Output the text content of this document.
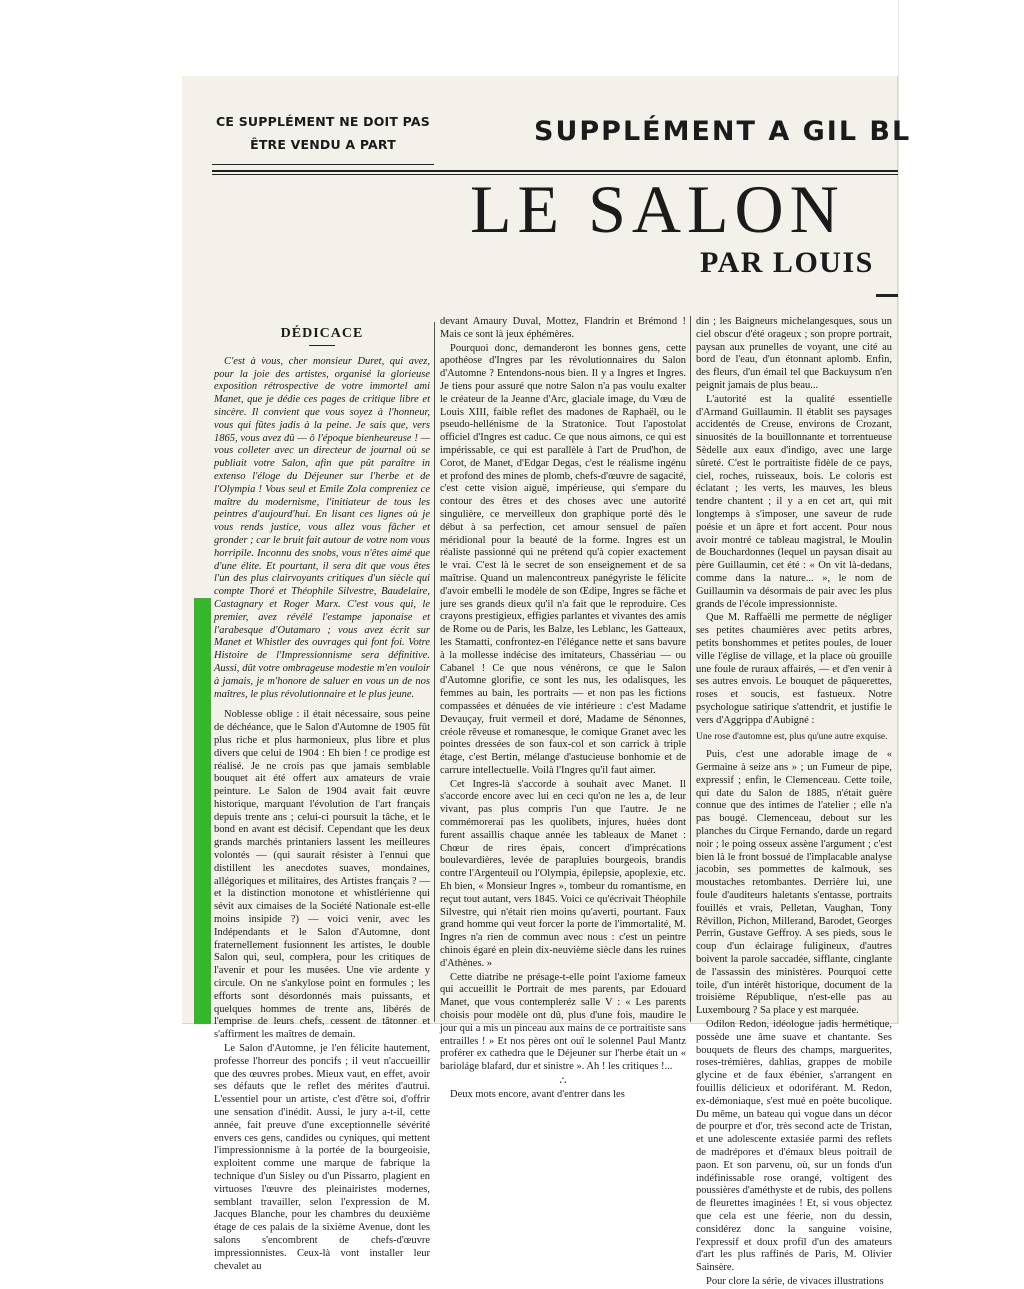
CE SUPPLÉMENT NE DOIT PAS ÊTRE VENDU A PART	SUPPLÉMENT A GIL BL
LE SALON
PAR LOUIS
DÉDICACE

C'est à vous, cher monsieur Duret, qui avez, pour la joie des artistes, organisé la glorieuse exposition rétrospective de votre immortel ami Manet, que je dédie ces pages de critique libre et sincère. Il convient que vous soyez à l'honneur, vous qui fûtes jadis à la peine. Je sais que, vers 1865, vous avez dû — ô l'époque bienheureuse ! — vous colleter avec un directeur de journal où se publiait votre Salon, afin que pût paraître in extenso l'éloge du Déjeuner sur l'herbe et de l'Olympia ! Vous seul et Emile Zola compreniez ce maître du modernisme, l'initiateur de tous les peintres d'aujourd'hui. En lisant ces lignes où je vous rends justice, vous allez vous fâcher et gronder ; car le bruit fait autour de votre nom vous horripile. Inconnu des snobs, vous n'êtes aimé que d'une élite. Et pourtant, il sera dit que vous êtes l'un des plus clairvoyants critiques d'un siècle qui compte Thoré et Théophile Silvestre, Baudelaire, Castagnary et Roger Marx. C'est vous qui, le premier, avez révélé l'estampe japonaise et l'arabesque d'Outamaro ; vous avez écrit sur Manet et Whistler des ouvrages qui font foi. Votre Histoire de l'Impressionnisme sera définitive. Aussi, dût votre ombrageuse modestie m'en vouloir à jamais, je m'honore de saluer en vous un de nos maîtres, le plus révolutionnaire et le plus jeune.

Noblesse oblige : il était nécessaire, sous peine de déchéance, que le Salon d'Automne de 1905 fût plus riche et plus harmonieux, plus libre et plus divers que celui de 1904 : Eh bien ! ce prodige est réalisé. Je ne crois pas que jamais semblable bouquet ait été offert aux amateurs de vraie peinture. Le Salon de 1904 avait fait œuvre historique, marquant l'évolution de l'art français depuis trente ans ; celui-ci poursuit la tâche, et le bond en avant est décisif. Cependant que les deux grands marchés printaniers lassent les meilleures volontés — (qui saurait résister à l'ennui que distillent les anecdotes suaves, mondaines, allégoriques et militaires, des Artistes français ? — et la distinction monotone et whistlérienne qui sévit aux cimaises de la Société Nationale est-elle moins insipide ?) — voici venir, avec les Indépendants et le Salon d'Automne, dont fraternellement fusionnent les artistes, le double Salon qui, seul, compłera, pour les critiques de l'avenir et pour les musées. Une vie ardente y circule. On ne s'ankylose point en formules ; les efforts sont désordonnés mais puissants, et quelques hommes de trente ans, libérés de l'emprise de leurs chefs, cessent de tâtonner et s'affirment les maîtres de demain.

Le Salon d'Automne, je l'en félicite hautement, professe l'horreur des poncifs ; il veut n'accueillir que des œuvres probes. Mieux vaut, en effet, avoir ses défauts que le reflet des mérites d'autrui. L'essentiel pour un artiste, c'est d'être soi, d'offrir une sensation d'inédit. Aussi, le jury a-t-il, cette année, fait preuve d'une exceptionnelle sévérité envers ces gens, candides ou cyniques, qui mettent l'impressionnisme à la portée de la bourgeoisie, exploitent comme une marque de fabrique la technique d'un Sisley ou d'un Pissarro, plagient en virtuoses l'œuvre des pleinairistes modernes, semblant travailler, selon l'expression de M. Jacques Blanche, pour les chambres du deuxième étage de ces palais de la sixième Avenue, dont les salons s'encombrent de chefs-d'œuvre impressionnistes. Ceux-là vont installer leur chevalet au

devant Amaury Duval, Mottez, Flandrin et Brémond ! Mais ce sont là jeux éphémères.

Pourquoi donc, demanderont les bonnes gens, cette apothéose d'Ingres par les révolutionnaires du Salon d'Automne ? Entendons-nous bien. Il y a Ingres et Ingres. Je tiens pour assuré que notre Salon n'a pas voulu exalter le créateur de la Jeanne d'Arc, glaciale image, du Vœu de Louis XIII, faible reflet des madones de Raphaël, ou le pseudo-hellénisme de la Stratonice. Tout l'apostolat officiel d'Ingres est caduc. Ce que nous aimons, ce qui est impérissable, ce qui est parallèle à l'art de Prud'hon, de Corot, de Manet, d'Edgar Degas, c'est le réalisme ingénu et profond des mines de plomb, chefs-d'œuvre de sagacité, c'est cette vision aiguë, impérieuse, qui s'empare du contour des êtres et des choses avec une autorité singulière, ce merveilleux don graphique porté dès le début à sa perfection, cet amour sensuel de païen méridional pour la beauté de la forme. Ingres est un réaliste passionné qui ne prétend qu'à copier exactement le vrai. C'est là le secret de son enseignement et de sa maîtrise. Quand un malencontreux panégyriste le félicite d'avoir embelli le modèle de son Œdipe, Ingres se fâche et jure ses grands dieux qu'il n'a fait que le reproduire. Ces crayons prestigieux, effigies parlantes et vivantes des amis de Rome ou de Paris, les Balze, les Leblanc, les Gatteaux, les Stamatti, confrontez-en l'élégance nette et sans bavure à la mollesse indécise des imitateurs, Chassériau — ou Cabanel ! Ce que nous vénérons, ce que le Salon d'Automne glorifie, ce sont les nus, les odalisques, les femmes au bain, les portraits — et non pas les fictions compassées et dénuées de vie intérieure : c'est Madame Devauçay, fruit vermeil et doré, Madame de Sénonnes, créole rêveuse et romanesque, le comique Granet avec les pointes dressées de son faux-col et son carrick à triple étage, c'est Bertin, mélange d'astucieuse bonhomie et de carrure intellectuelle. Voilà l'Ingres qu'il faut aimer.

Cet Ingres-là s'accorde à souhait avec Manet. Il s'accorde encore avec lui en ceci qu'on ne les a, de leur vivant, pas plus compris l'un que l'autre. Je ne commémorerai pas les quolibets, injures, huées dont furent assaillis chaque année les tableaux de Manet : Chœur de rires épais, concert d'imprécations boulevardières, levée de parapluies bourgeois, brandis contre l'Argenteuil ou l'Olympia, épilepsie, apoplexie, etc. Eh bien, « Monsieur Ingres », tombeur du romantisme, en reçut tout autant, vers 1845. Voici ce qu'écrivait Théophile Silvestre, qui n'était rien moins qu'averti, pourtant. Faux grand homme qui veut forcer la porte de l'immortalité, M. Ingres n'a rien de commun avec nous : c'est un peintre chinois égaré en plein dix-neuvième siècle dans les ruines d'Athènes. »

Cette diatribe ne présage-t-elle point l'axiome fameux qui accueillit le Portrait de mes parents, par Edouard Manet, que vous contempleréz salle V : « Les parents choisis pour modèle ont dû, plus d'une fois, maudire le jour qui a mis un pinceau aux mains de ce portraitiste sans entrailles ! » Et nos pères ont ouï le solennel Paul Mantz proférer ex cathedra que le Déjeuner sur l'herbe était un « barioláge blafard, dur et sinistre ». Ah ! les critiques !...

∴

Deux mots encore, avant d'entrer dans les

din ; les Baigneurs michelangesques, sous un ciel obscur d'été orageux ; son propre portrait, paysan aux prunelles de voyant, une cité au bord de l'eau, d'un étonnant aplomb. Enfin, des fleurs, d'un émail tel que Backuysum n'en peignit jamais de plus beau...

L'autorité est la qualité essentielle d'Armand Guillaumin. Il établit ses paysages accidentés de Creuse, environs de Crozant, sinuosités de la bouillonnante et torrentueuse Sèdelle aux eaux d'indigo, avec une large sûreté. C'est le portraitiste fidèle de ce pays, ciel, roches, ruisseaux, bois. Le coloris est éclatant ; les verts, les mauves, les bleus tendre chantent ; il y a en cet art, qui mit longtemps à s'imposer, une saveur de rude poésie et un âpre et fort accent. Pour nous avoir montré ce tableau magistral, le Moulin de Bouchardonnes (lequel un paysan disait au père Guillaumin, cet été : « On vit là-dedans, comme dans la nature... », le nom de Guillaumin va désormais de pair avec les plus grands de l'école impressionniste.

Que M. Raffaëlli me permette de négliger ses petites chaumières avec petits arbres, petits bonshommes et petites poules, de louer ville l'église de village, et la place où grouille une foule de ruraux affairés, — et d'en venir à ses autres envois. Le bouquet de pâquerettes, roses et soucis, est fastueux. Notre psychologue satirique s'attendrit, et justifie le vers d'Aggrippa d'Aubigné :

Une rose d'automne est, plus qu'une autre exquise.

Puis, c'est une adorable image de « Germaine à seize ans » ; un Fumeur de pipe, expressif ; enfin, le Clemenceau. Cette toile, qui date du Salon de 1885, n'était guère connue que des intimes de l'atelier ; elle n'a pas bougé. Clemenceau, debout sur les planches du Cirque Fernando, darde un regard noir ; le poing osseux assène l'argument ; c'est bien là le front bossué de l'implacable analyse jacobin, ses pommettes de kalmouk, ses moustaches retombantes. Derrière lui, une foule d'auditeurs haletants s'entasse, portraits fouillés et vrais, Pelletan, Vaughan, Tony Révillon, Pichon, Millerand, Barodet, Georges Perrin, Gustave Geffroy. A ses pieds, sous le coup d'un éclairage fuligineux, d'autres boivent la parole saccadée, sifflante, cinglante de l'assassin des ministères. Pourquoi cette toile, d'un intérêt historique, document de la troisième République, n'est-elle pas au Luxembourg ? Sa place y est marquée.

Odilon Redon, idéologue jadis hermétique, possède une âme suave et chantante. Ses bouquets de fleurs des champs, marguerites, roses-trémières, dahlias, grappes de mobile glycine et de faux ébénier, s'arrangent en fouillis délicieux et odoriférant. M. Redon, ex-démoniaque, s'est mué en poète bucolique. Du même, un bateau qui vogue dans un décor de pourpre et d'or, très second acte de Tristan, et une adolescente extasiée parmi des reflets de madrépores et d'émaux bleus poitrail de paon. Et son parvenu, où, sur un fonds d'un indéfinissable rose orangé, voltigent des poussières d'améthyste et de rubis, des pollens de fleurettes imaginées ! Et, si vous objectez que cela est une féerie, non du dessin, considérez donc la sanguine voisine, l'expressif et doux profil d'un des amateurs d'art les plus raffinés de Paris, M. Olivier Sainsère.

Pour clore la série, de vivaces illustrations
